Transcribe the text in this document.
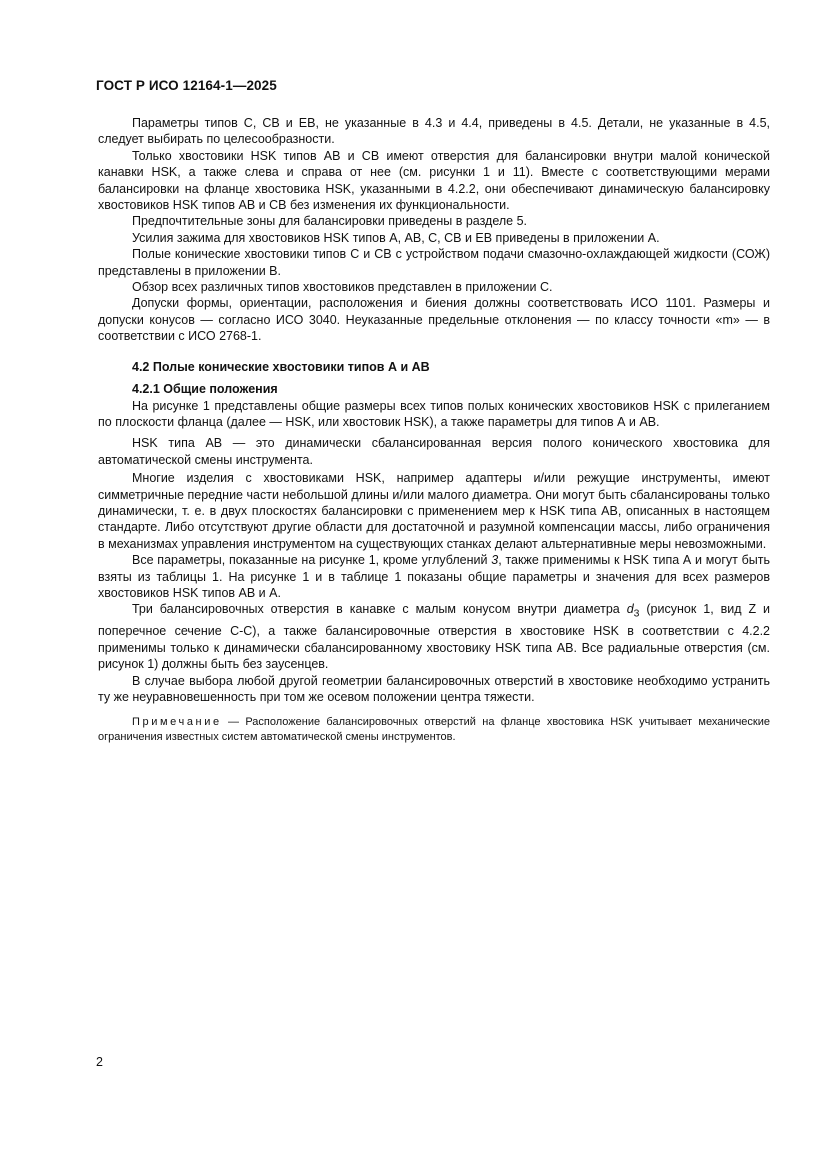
ГОСТ Р ИСО 12164-1—2025

Параметры типов С, СВ и ЕВ, не указанные в 4.3 и 4.4, приведены в 4.5. Детали, не указанные в 4.5, следует выбирать по целесообразности.

Только хвостовики HSK типов АВ и СВ имеют отверстия для балансировки внутри малой конической канавки HSK, а также слева и справа от нее (см. рисунки 1 и 11). Вместе с соответствующими мерами балансировки на фланце хвостовика HSK, указанными в 4.2.2, они обеспечивают динамическую балансировку хвостовиков HSK типов АВ и СВ без изменения их функциональности.

Предпочтительные зоны для балансировки приведены в разделе 5.

Усилия зажима для хвостовиков HSK типов А, АВ, С, СВ и ЕВ приведены в приложении А.

Полые конические хвостовики типов С и СВ с устройством подачи смазочно-охлаждающей жидкости (СОЖ) представлены в приложении В.

Обзор всех различных типов хвостовиков представлен в приложении С.

Допуски формы, ориентации, расположения и биения должны соответствовать ИСО 1101. Размеры и допуски конусов — согласно ИСО 3040. Неуказанные предельные отклонения — по классу точности «m» — в соответствии с ИСО 2768-1.

4.2 Полые конические хвостовики типов А и АВ

4.2.1 Общие положения

На рисунке 1 представлены общие размеры всех типов полых конических хвостовиков HSK с прилеганием по плоскости фланца (далее — HSK, или хвостовик HSK), а также параметры для типов А и АВ.

HSK типа АВ — это динамически сбалансированная версия полого конического хвостовика для автоматической смены инструмента.

Многие изделия с хвостовиками HSK, например адаптеры и/или режущие инструменты, имеют симметричные передние части небольшой длины и/или малого диаметра. Они могут быть сбалансированы только динамически, т. е. в двух плоскостях балансировки с применением мер к HSK типа АВ, описанных в настоящем стандарте. Либо отсутствуют другие области для достаточной и разумной компенсации массы, либо ограничения в механизмах управления инструментом на существующих станках делают альтернативные меры невозможными.

Все параметры, показанные на рисунке 1, кроме углублений 3, также применимы к HSK типа А и могут быть взяты из таблицы 1. На рисунке 1 и в таблице 1 показаны общие параметры и значения для всех размеров хвостовиков HSK типов АВ и А.

Три балансировочных отверстия в канавке с малым конусом внутри диаметра $d_3$ (рисунок 1, вид Z и поперечное сечение С-С), а также балансировочные отверстия в хвостовике HSK в соответствии с 4.2.2 применимы только к динамически сбалансированному хвостовику HSK типа АВ. Все радиальные отверстия (см. рисунок 1) должны быть без заусенцев.

В случае выбора любой другой геометрии балансировочных отверстий в хвостовике необходимо устранить ту же неуравновешенность при том же осевом положении центра тяжести.

Примечание — Расположение балансировочных отверстий на фланце хвостовика HSK учитывает механические ограничения известных систем автоматической смены инструментов.

2
